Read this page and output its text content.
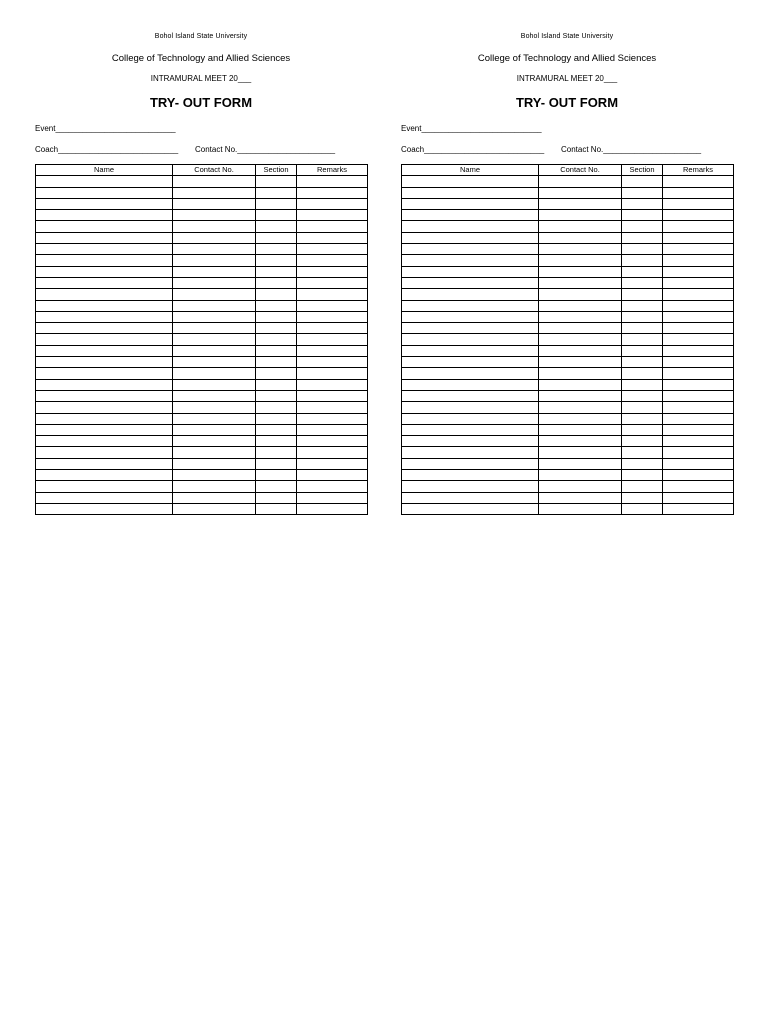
Bohol Island State University
College of Technology and Allied Sciences
INTRAMURAL MEET 20___
TRY- OUT FORM
Event___________________________
Coach___________________________ Contact No.______________________
Name	Contact No.	Section	Remarks

Bohol Island State University
College of Technology and Allied Sciences
INTRAMURAL MEET 20___
TRY- OUT FORM
Event___________________________
Coach___________________________ Contact No.______________________
Name	Contact No.	Section	Remarks
